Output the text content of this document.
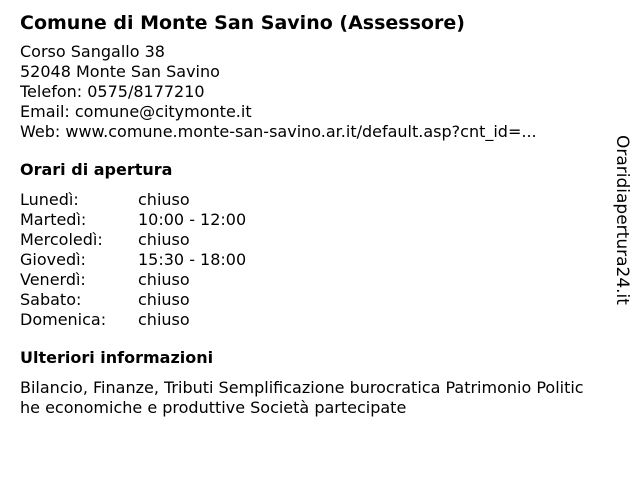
Comune di Monte San Savino (Assessore)
Corso Sangallo 38
52048 Monte San Savino
Telefon: 0575/8177210
Email: comune@citymonte.it
Web: www.comune.monte-san-savino.ar.it/default.asp?cnt_id=...
Orari di apertura
Lunedì:	chiuso
Martedì:	10:00 - 12:00
Mercoledì:	chiuso
Giovedì:	15:30 - 18:00
Venerdì:	chiuso
Sabato:	chiuso
Domenica:	chiuso
Ulteriori informazioni
Bilancio, Finanze, Tributi Semplificazione burocratica Patrimonio Politiche economiche e produttive Società partecipate
Oraridiapertura24.it
